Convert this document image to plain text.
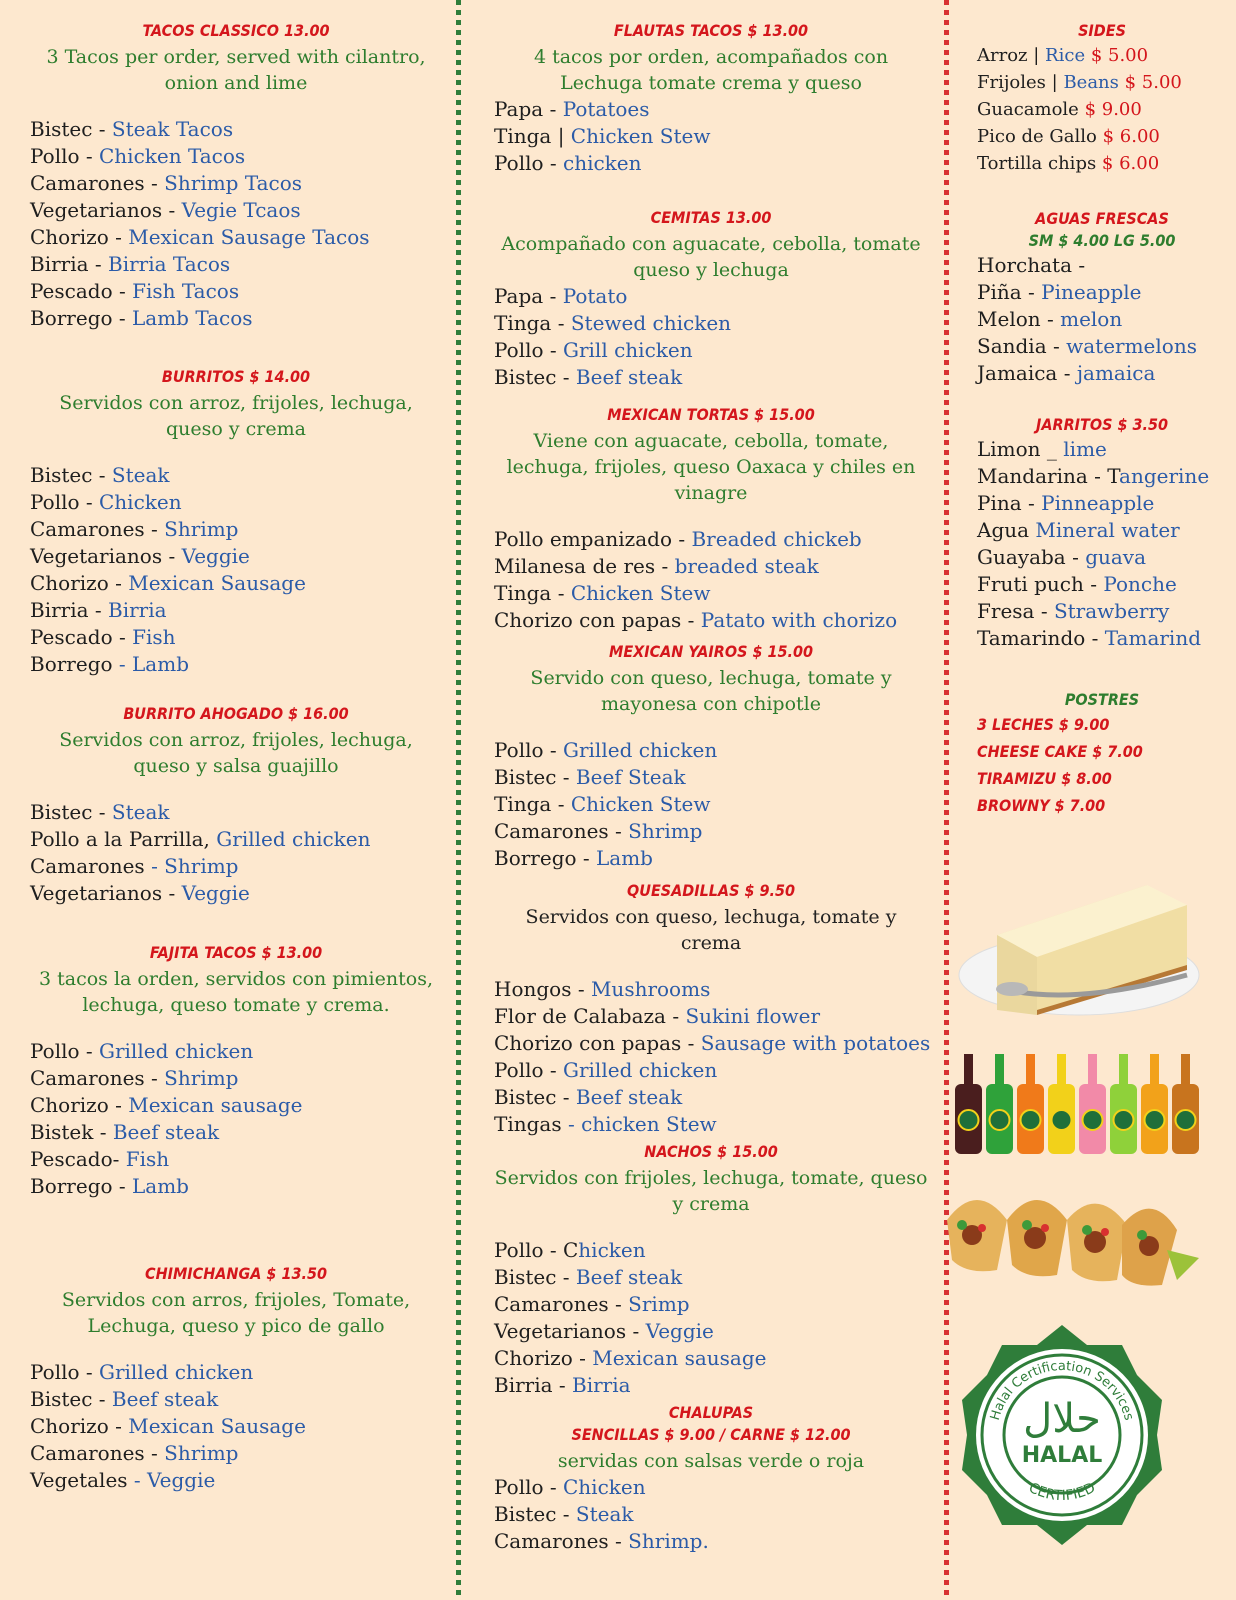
TACOS CLASSICO 13.00

3 Tacos per order, served with cilantro, onion and lime

Bistec - Steak Tacos
Pollo - Chicken Tacos
Camarones - Shrimp Tacos
Vegetarianos - Vegie Tcaos
Chorizo - Mexican Sausage Tacos
Birria - Birria Tacos
Pescado - Fish Tacos
Borrego - Lamb Tacos

BURRITOS $ 14.00

Servidos con arroz, frijoles, lechuga, queso y crema

Bistec - Steak
Pollo - Chicken
Camarones - Shrimp
Vegetarianos - Veggie
Chorizo - Mexican Sausage
Birria - Birria
Pescado - Fish
Borrego - Lamb

BURRITO AHOGADO $ 16.00

Servidos con arroz, frijoles, lechuga, queso y salsa guajillo

Bistec - Steak
Pollo a la Parrilla, Grilled chicken
Camarones - Shrimp
Vegetarianos - Veggie

FAJITA TACOS $ 13.00

3 tacos la orden, servidos con pimientos, lechuga, queso tomate y crema.

Pollo - Grilled chicken
Camarones - Shrimp
Chorizo - Mexican sausage
Bistek - Beef steak
Pescado- Fish
Borrego - Lamb

CHIMICHANGA $ 13.50

Servidos con arros, frijoles, Tomate, Lechuga, queso y pico de gallo

Pollo - Grilled chicken
Bistec - Beef steak
Chorizo - Mexican Sausage
Camarones - Shrimp
Vegetales - Veggie

FLAUTAS TACOS $ 13.00

4 tacos por orden, acompañados con Lechuga tomate crema y queso

Papa - Potatoes
Tinga | Chicken Stew
Pollo - chicken

CEMITAS 13.00

Acompañado con aguacate, cebolla, tomate queso y lechuga

Papa - Potato
Tinga - Stewed chicken
Pollo - Grill chicken
Bistec - Beef steak

MEXICAN TORTAS $ 15.00

Viene con aguacate, cebolla, tomate, lechuga, frijoles, queso Oaxaca y chiles en vinagre

Pollo empanizado - Breaded chickeb
Milanesa de res - breaded steak
Tinga - Chicken Stew
Chorizo con papas - Patato with chorizo

MEXICAN YAIROS $ 15.00

Servido con queso, lechuga, tomate y mayonesa con chipotle

Pollo - Grilled chicken
Bistec - Beef Steak
Tinga - Chicken Stew
Camarones - Shrimp
Borrego - Lamb

QUESADILLAS $ 9.50

Servidos con queso, lechuga, tomate y crema

Hongos - Mushrooms
Flor de Calabaza - Sukini flower
Chorizo con papas - Sausage with potatoes
Pollo - Grilled chicken
Bistec - Beef steak
Tingas - chicken Stew

NACHOS $ 15.00

Servidos con frijoles, lechuga, tomate, queso y crema

Pollo - Chicken
Bistec - Beef steak
Camarones - Srimp
Vegetarianos - Veggie
Chorizo - Mexican sausage
Birria - Birria

CHALUPAS

SENCILLAS $ 9.00 / CARNE $ 12.00

servidas con salsas verde o roja

Pollo - Chicken
Bistec - Steak
Camarones - Shrimp.

SIDES

Arroz | Rice $ 5.00
Frijoles | Beans $ 5.00
Guacamole $ 9.00
Pico de Gallo $ 6.00
Tortilla chips $ 6.00

AGUAS FRESCAS

SM $ 4.00 LG 5.00

Horchata -
Piña - Pineapple
Melon - melon
Sandia - watermelons
Jamaica - jamaica

JARRITOS $ 3.50

Limon _ lime
Mandarina - Tangerine
Pina - Pinneapple
Agua Mineral water
Guayaba - guava
Fruti puch - Ponche
Fresa - Strawberry
Tamarindo - Tamarind

POSTRES

3 LECHES $ 9.00
CHEESE CAKE $ 7.00
TIRAMIZU $ 8.00
BROWNY $ 7.00
Halal Certification Services
CERTIFIED
حلال
HALAL
